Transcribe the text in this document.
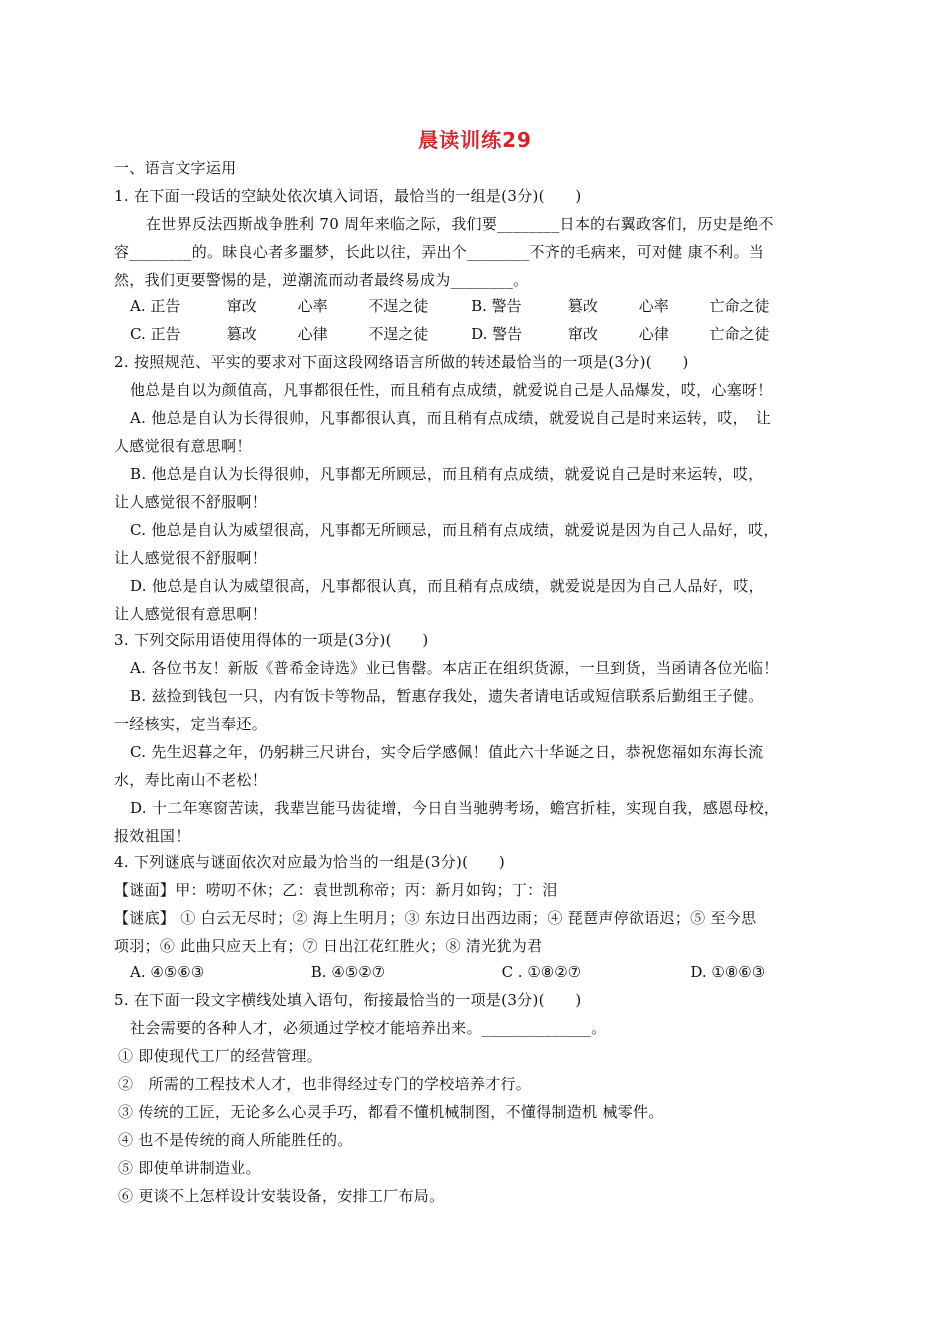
晨读训练29
一、语言文字运用
1. 在下面一段话的空缺处依次填入词语，最恰当的一组是(3分)(　　)
在世界反法西斯战争胜利 70 周年来临之际，我们要________日本的右翼政客们，历史是绝不
容________的。昧良心者多噩梦，长此以往，弄出个________不齐的毛病来，可对健 康不利。当
然，我们更要警惕的是，逆潮流而动者最终易成为________。
A. 正告	窜改	心率	不逞之徒	B. 警告	篡改	心率	亡命之徒
C. 正告	篡改	心律	不逞之徒	D. 警告	窜改	心律	亡命之徒
2. 按照规范、平实的要求对下面这段网络语言所做的转述最恰当的一项是(3分)(　　)
他总是自以为颜值高，凡事都很任性，而且稍有点成绩，就爱说自己是人品爆发，哎，心塞呀！
A. 他总是自认为长得很帅，凡事都很认真，而且稍有点成绩，就爱说自己是时来运转，哎，　让
人感觉很有意思啊！
B. 他总是自认为长得很帅，凡事都无所顾忌，而且稍有点成绩，就爱说自己是时来运转，哎，
让人感觉很不舒服啊！
C. 他总是自认为威望很高，凡事都无所顾忌，而且稍有点成绩，就爱说是因为自己人品好，哎，
让人感觉很不舒服啊！
D. 他总是自认为威望很高，凡事都很认真，而且稍有点成绩，就爱说是因为自己人品好，哎，
让人感觉很有意思啊！
3. 下列交际用语使用得体的一项是(3分)(　　)
A. 各位书友！新版《普希金诗选》业已售罄。本店正在组织货源，一旦到货，当函请各位光临！
B. 兹捡到钱包一只，内有饭卡等物品，暂惠存我处，遗失者请电话或短信联系后勤组王子健。
一经核实，定当奉还。
C. 先生迟暮之年，仍躬耕三尺讲台，实令后学感佩！值此六十华诞之日，恭祝您福如东海长流
水，寿比南山不老松！
D. 十二年寒窗苦读，我辈岂能马齿徒增，今日自当驰骋考场，蟾宫折桂，实现自我，感恩母校，
报效祖国！
4. 下列谜底与谜面依次对应最为恰当的一组是(3分)(　　)
【谜面】甲：唠叨不休；乙：袁世凯称帝；丙：新月如钩；丁：泪
【谜底】 ① 白云无尽时；② 海上生明月；③ 东边日出西边雨；④ 琵琶声停欲语迟；⑤ 至今思
项羽；⑥ 此曲只应天上有；⑦ 日出江花红胜火；⑧ 清光犹为君
A. ④⑤⑥③	B. ④⑤②⑦	C . ①⑧②⑦	D. ①⑧⑥③
5. 在下面一段文字横线处填入语句，衔接最恰当的一项是(3分)(　　)
社会需要的各种人才，必须通过学校才能培养出来。______________。
① 即使现代工厂的经营管理。
②　所需的工程技术人才，也非得经过专门的学校培养才行。
③ 传统的工匠，无论多么心灵手巧，都看不懂机械制图，不懂得制造机 械零件。
④ 也不是传统的商人所能胜任的。
⑤ 即使单讲制造业。
⑥ 更谈不上怎样设计安装设备，安排工厂布局。
